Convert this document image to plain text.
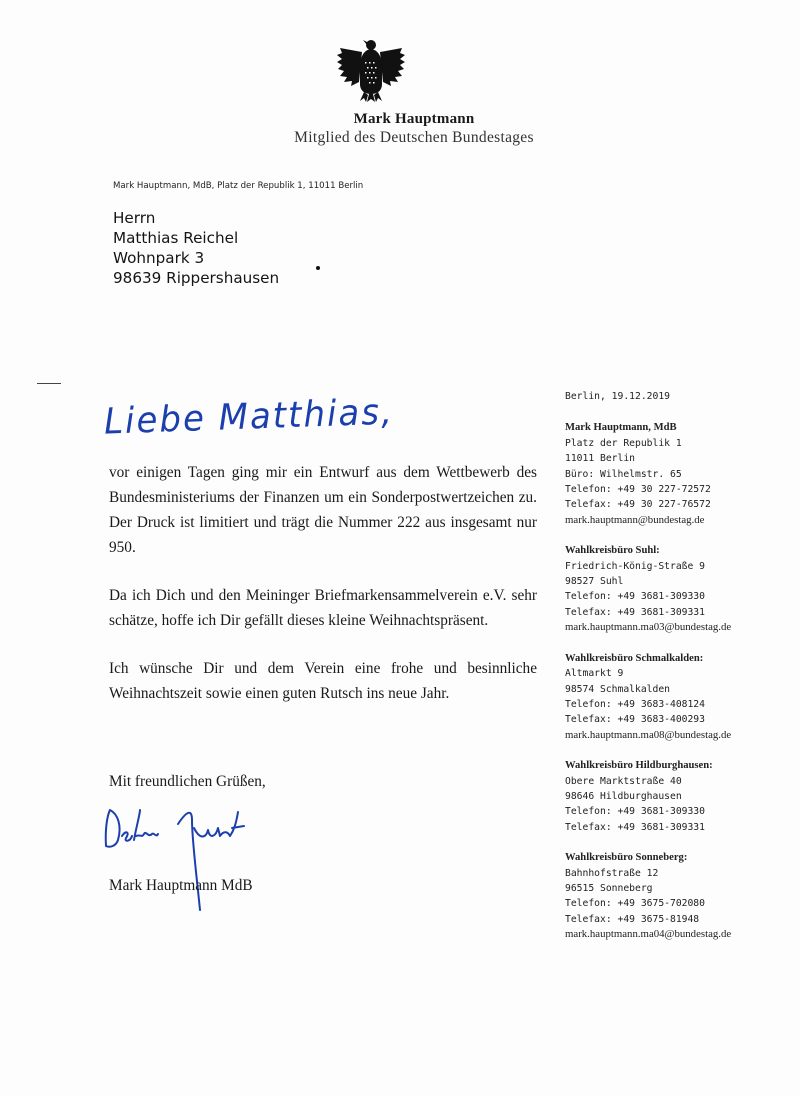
Mark Hauptmann
Mitglied des Deutschen Bundestages
Mark Hauptmann, MdB, Platz der Republik 1, 11011 Berlin
Herrn
Matthias Reichel
Wohnpark 3
98639 Rippershausen
Liebe Matthias,

vor einigen Tagen ging mir ein Entwurf aus dem Wettbewerb des Bundesministeriums der Finanzen um ein Sonderpostwertzeichen zu. Der Druck ist limitiert und trägt die Nummer 222 aus insgesamt nur 950.

Da ich Dich und den Meininger Briefmarkensammelverein e.V. sehr schätze, hoffe ich Dir gefällt dieses kleine Weihnachtspräsent.

Ich wünsche Dir und dem Verein eine frohe und besinnliche Weihnachtszeit sowie einen guten Rutsch ins neue Jahr.

Mit freundlichen Grüßen,
Mark Hauptmann MdB
Berlin, 19.12.2019
Mark Hauptmann, MdB
Platz der Republik 1
11011 Berlin
Büro: Wilhelmstr. 65
Telefon: +49 30 227-72572
Telefax: +49 30 227-76572
mark.hauptmann@bundestag.de
Wahlkreisbüro Suhl:
Friedrich-König-Straße 9
98527 Suhl
Telefon: +49 3681-309330
Telefax: +49 3681-309331
mark.hauptmann.ma03@bundestag.de
Wahlkreisbüro Schmalkalden:
Altmarkt 9
98574 Schmalkalden
Telefon: +49 3683-408124
Telefax: +49 3683-400293
mark.hauptmann.ma08@bundestag.de
Wahlkreisbüro Hildburghausen:
Obere Marktstraße 40
98646 Hildburghausen
Telefon: +49 3681-309330
Telefax: +49 3681-309331
Wahlkreisbüro Sonneberg:
Bahnhofstraße 12
96515 Sonneberg
Telefon: +49 3675-702080
Telefax: +49 3675-81948
mark.hauptmann.ma04@bundestag.de
